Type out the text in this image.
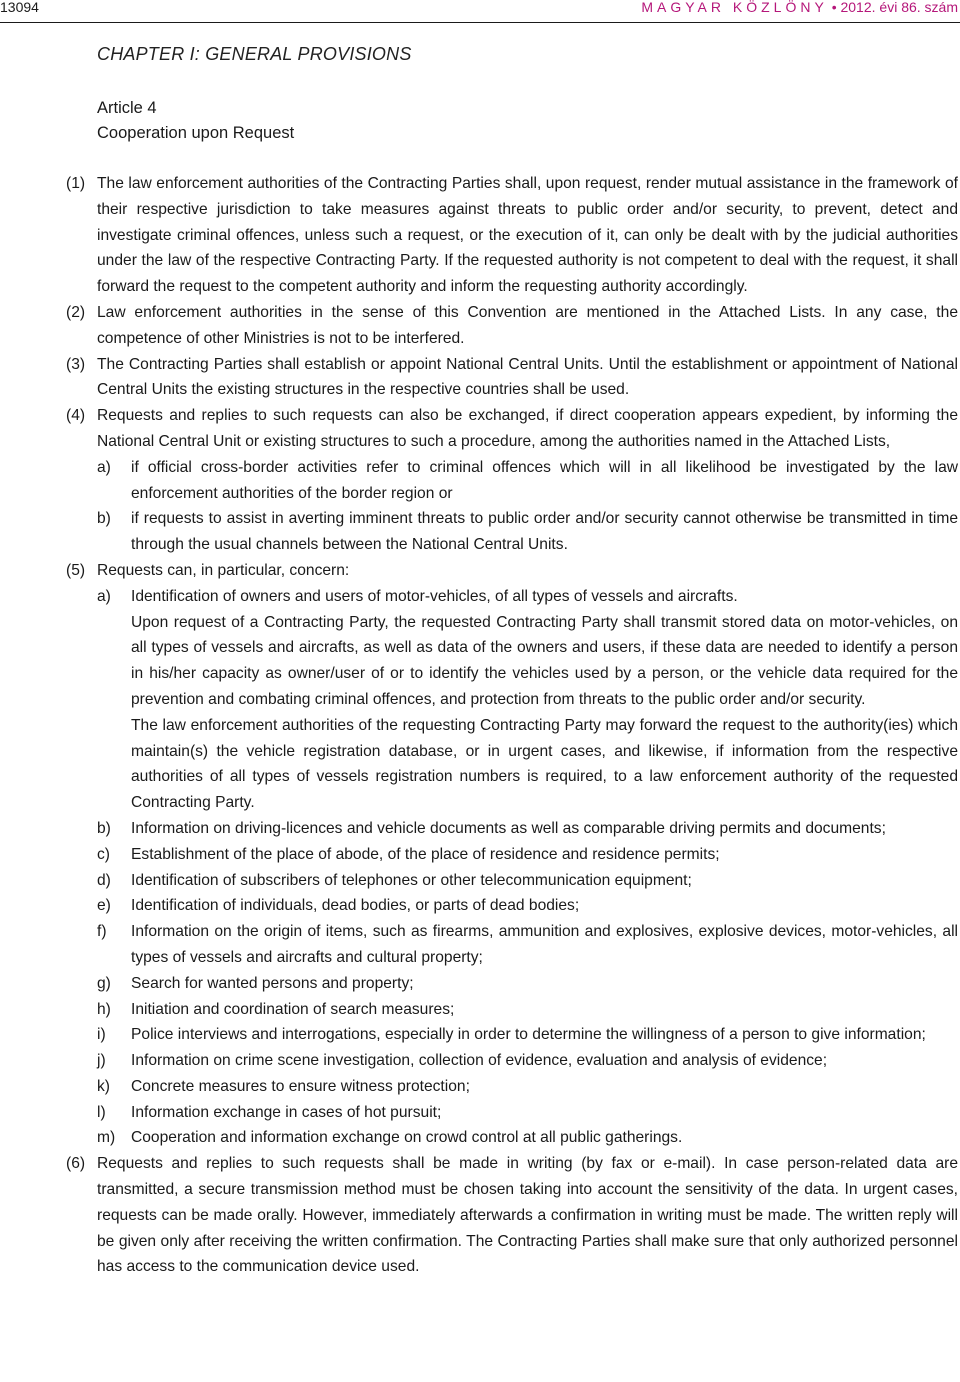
13094	MAGYAR KÖZLÖNY • 2012. évi 86. szám
CHAPTER I: GENERAL PROVISIONS
Article 4
Cooperation upon Request
(1) The law enforcement authorities of the Contracting Parties shall, upon request, render mutual assistance in the framework of their respective jurisdiction to take measures against threats to public order and/or security, to prevent, detect and investigate criminal offences, unless such a request, or the execution of it, can only be dealt with by the judicial authorities under the law of the respective Contracting Party. If the requested authority is not competent to deal with the request, it shall forward the request to the competent authority and inform the requesting authority accordingly.
(2) Law enforcement authorities in the sense of this Convention are mentioned in the Attached Lists. In any case, the competence of other Ministries is not to be interfered.
(3) The Contracting Parties shall establish or appoint National Central Units. Until the establishment or appointment of National Central Units the existing structures in the respective countries shall be used.
(4) Requests and replies to such requests can also be exchanged, if direct cooperation appears expedient, by informing the National Central Unit or existing structures to such a procedure, among the authorities named in the Attached Lists,
a) if official cross-border activities refer to criminal offences which will in all likelihood be investigated by the law enforcement authorities of the border region or
b) if requests to assist in averting imminent threats to public order and/or security cannot otherwise be transmitted in time through the usual channels between the National Central Units.
(5) Requests can, in particular, concern:
a) Identification of owners and users of motor-vehicles, of all types of vessels and aircrafts.
Upon request of a Contracting Party, the requested Contracting Party shall transmit stored data on motor-vehicles, on all types of vessels and aircrafts, as well as data of the owners and users, if these data are needed to identify a person in his/her capacity as owner/user of or to identify the vehicles used by a person, or the vehicle data required for the prevention and combating criminal offences, and protection from threats to the public order and/or security.
The law enforcement authorities of the requesting Contracting Party may forward the request to the authority(ies) which maintain(s) the vehicle registration database, or in urgent cases, and likewise, if information from the respective authorities of all types of vessels registration numbers is required, to a law enforcement authority of the requested Contracting Party.
b) Information on driving-licences and vehicle documents as well as comparable driving permits and documents;
c) Establishment of the place of abode, of the place of residence and residence permits;
d) Identification of subscribers of telephones or other telecommunication equipment;
e) Identification of individuals, dead bodies, or parts of dead bodies;
f) Information on the origin of items, such as firearms, ammunition and explosives, explosive devices, motor-vehicles, all types of vessels and aircrafts and cultural property;
g) Search for wanted persons and property;
h) Initiation and coordination of search measures;
i) Police interviews and interrogations, especially in order to determine the willingness of a person to give information;
j) Information on crime scene investigation, collection of evidence, evaluation and analysis of evidence;
k) Concrete measures to ensure witness protection;
l) Information exchange in cases of hot pursuit;
m) Cooperation and information exchange on crowd control at all public gatherings.
(6) Requests and replies to such requests shall be made in writing (by fax or e-mail). In case person-related data are transmitted, a secure transmission method must be chosen taking into account the sensitivity of the data. In urgent cases, requests can be made orally. However, immediately afterwards a confirmation in writing must be made. The written reply will be given only after receiving the written confirmation. The Contracting Parties shall make sure that only authorized personnel has access to the communication device used.
